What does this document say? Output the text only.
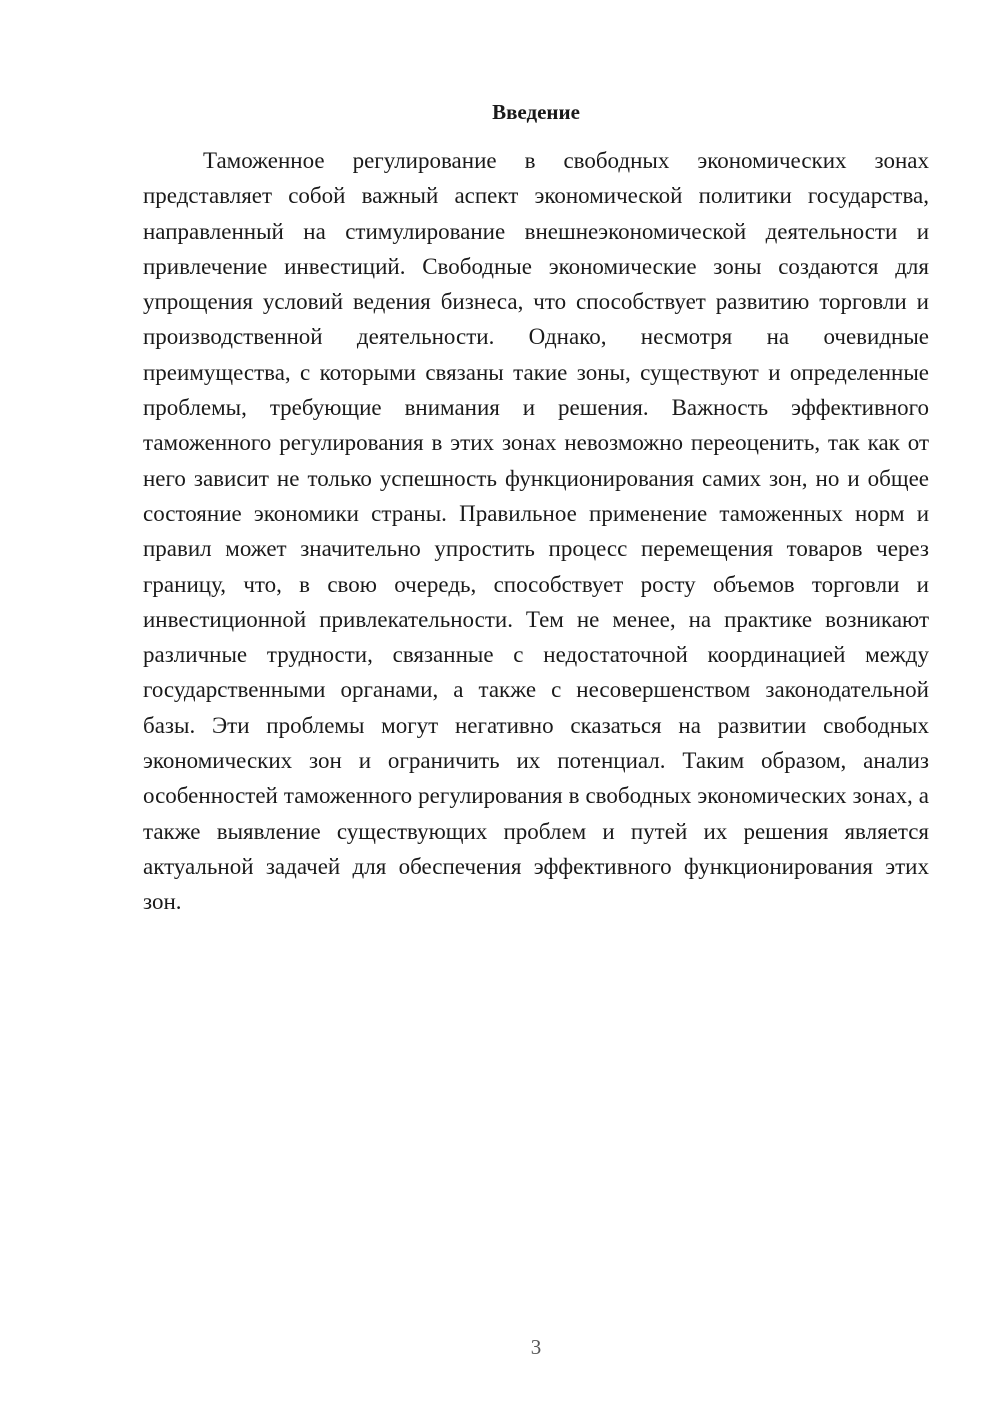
Введение

Таможенное регулирование в свободных экономических зонах представляет собой важный аспект экономической политики государства, направленный на стимулирование внешнеэкономической деятельности и привлечение инвестиций. Свободные экономические зоны создаются для упрощения условий ведения бизнеса, что способствует развитию торговли и производственной деятельности. Однако, несмотря на очевидные преимущества, с которыми связаны такие зоны, существуют и определенные проблемы, требующие внимания и решения. Важность эффективного таможенного регулирования в этих зонах невозможно переоценить, так как от него зависит не только успешность функционирования самих зон, но и общее состояние экономики страны. Правильное применение таможенных норм и правил может значительно упростить процесс перемещения товаров через границу, что, в свою очередь, способствует росту объемов торговли и инвестиционной привлекательности. Тем не менее, на практике возникают различные трудности, связанные с недостаточной координацией между государственными органами, а также с несовершенством законодательной базы. Эти проблемы могут негативно сказаться на развитии свободных экономических зон и ограничить их потенциал. Таким образом, анализ особенностей таможенного регулирования в свободных экономических зонах, а также выявление существующих проблем и путей их решения является актуальной задачей для обеспечения эффективного функционирования этих зон.

3
